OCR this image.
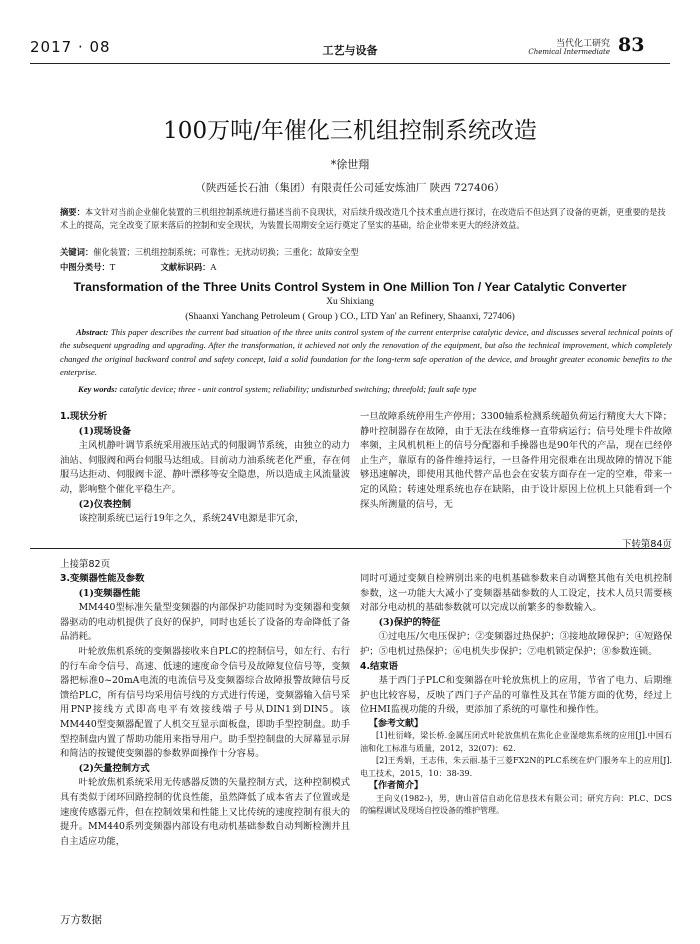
2017 · 08	工艺与设备	当代化工研究
Chemical Intermediate 83
100万吨/年催化三机组控制系统改造
*徐世翔
（陕西延长石油（集团）有限责任公司延安炼油厂 陕西 727406）
摘要：本文针对当前企业催化装置的三机组控制系统进行描述当前不良现状，对后续升级改造几个技术重点进行探讨，在改造后不但达到了设备的更新，更重要的是技术上的提高，完全改变了原来落后的控制和安全现状，为装置长周期安全运行奠定了坚实的基础，给企业带来更大的经济效益。
关键词：催化装置；三机组控制系统；可靠性；无扰动切换；三重化；故障安全型
中图分类号：T	文献标识码：A
Transformation of the Three Units Control System in One Million Ton / Year Catalytic Converter
Xu Shixiang
(Shaanxi Yanchang Petroleum ( Group ) CO., LTD Yan' an Refinery, Shaanxi, 727406)
Abstract: This paper describes the current bad situation of the three units control system of the current enterprise catalytic device, and discusses several technical points of the subsequent upgrading and upgrading. After the transformation, it achieved not only the renovation of the equipment, but also the technical improvement, which completely changed the original backward control and safety concept, laid a solid foundation for the long-term safe operation of the device, and brought greater economic benefits to the enterprise.
Key words: catalytic device; three - unit control system; reliability; undisturbed switching; threefold; fault safe type

1.现状分析

(1)现场设备

主风机静叶调节系统采用液压站式的伺服调节系统，由独立的动力油站、伺服阀和两台伺服马达组成。目前动力油系统老化严重，存在伺服马达拒动、伺服阀卡涩、静叶漂移等安全隐患，所以造成主风流量波动，影响整个催化平稳生产。

(2)仪表控制

该控制系统已运行19年之久，系统24V电源是非冗余，

一旦故障系统停用生产停用；3300轴系检测系统超负荷运行精度大大下降；静叶控制器存在故障，由于无法在线维修一直带病运行；信号处理卡件故障率频，主风机机柜上的信号分配器和手操器也是90年代的产品，现在已经停止生产，靠原有的备件维持运行，一旦备件用完很难在出现故障的情况下能够迅速解决，即使用其他代替产品也会在安装方面存在一定的空难，带来一定的风险；转速处理系统也存在缺陷，由于设计原因上位机上只能看到一个探头所测量的信号，无

下转第84页
上接第82页

3.变频器性能及参数

(1)变频器性能

MM440型标准矢量型变频器的内部保护功能同时为变频器和变频器驱动的电动机提供了良好的保护，同时也延长了设备的寿命降低了备品消耗。

叶轮放焦机系统的变频器接收来自PLC的控制信号，如左行、右行的行车命令信号、高速、低速的速度命令信号及故障复位信号等，变频器把标准0~20mA电流的电流信号及变频器综合故障报警故障信号反馈给PLC，所有信号均采用信号线的方式进行传递，变频器输入信号采用PNP接线方式即高电平有效接线端子号从DIN1到DIN5。该MM440型变频器配置了人机交互显示面板盘，即助手型控制盘。助手型控制盘内置了帮助功能用来指导用户。助手型控制盘的大屏幕显示屏和简洁的按键使变频器的参数界面操作十分容易。

(2)矢量控制方式

叶轮放焦机系统采用无传感器反馈的矢量控制方式，这种控制模式具有类似于闭环回路控制的优良性能，虽然降低了成本省去了位置或是速度传感器元件，但在控制效果和性能上又比传统的速度控制有很大的提升。MM440系列变频器内部设有电动机基础参数自动判断检测并且自主适应功能，

同时可通过变频自检辨别出来的电机基础参数来自动调整其他有关电机控制参数，这一功能大大减小了变频器基础参数的人工设定，技术人员只需要核对部分电动机的基础参数就可以完成以前繁多的参数输入。

(3)保护的特征

①过电压/欠电压保护；②变频器过热保护；③接地故障保护；④短路保护；⑤电机过热保护；⑥电机失步保护；⑦电机锁定保护；⑧参数连锁。

4.结束语

基于西门子PLC和变频器在叶轮放焦机上的应用，节省了电力、后期维护也比较容易，反映了西门子产品的可靠性及其在节能方面的优势，经过上位HMI监视功能的升级，更添加了系统的可靠性和操作性。

【参考文献】

[1]杜衍峰，梁长桥.金属压闭式叶轮放焦机在焦化企业湿熄焦系统的应用[J].中国石油和化工标准与质量，2012，32(07)：62.

[2]王秀娟，王志伟，朱云丽.基于三菱FX2N的PLC系统在炉门服务车上的应用[J].电工技术，2015，10：38-39.

【作者简介】

王向义(1982-)，男，唐山首信自动化信息技术有限公司；研究方向：PLC、DCS的编程调试及现场自控设备的维护管理。

万方数据
